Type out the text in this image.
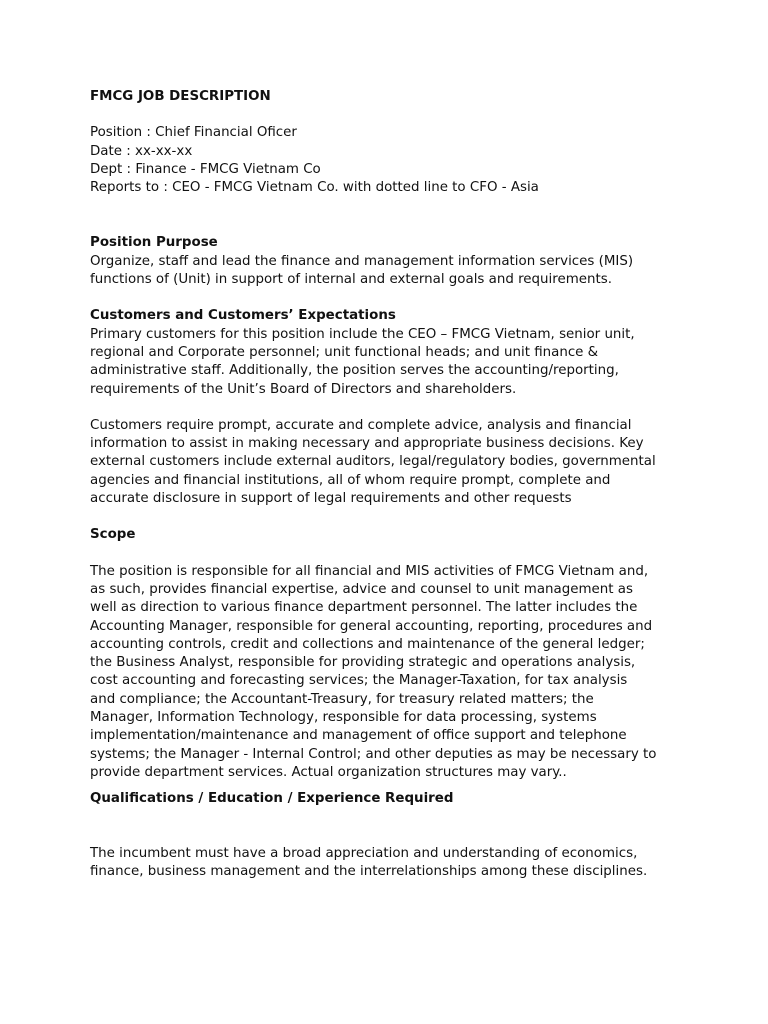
FMCG JOB DESCRIPTION
Position : Chief Financial Oficer
Date : xx-xx-xx
Dept : Finance - FMCG Vietnam Co
Reports to : CEO - FMCG Vietnam Co. with dotted line to CFO - Asia
Position Purpose
Organize, staff and lead the finance and management information services (MIS)
functions of (Unit) in support of internal and external goals and requirements.
Customers and Customers’ Expectations
Primary customers for this position include the CEO – FMCG Vietnam, senior unit,
regional and Corporate personnel; unit functional heads; and unit finance &
administrative staff. Additionally, the position serves the accounting/reporting,
requirements of the Unit’s Board of Directors and shareholders.
Customers require prompt, accurate and complete advice, analysis and financial
information to assist in making necessary and appropriate business decisions. Key
external customers include external auditors, legal/regulatory bodies, governmental
agencies and financial institutions, all of whom require prompt, complete and
accurate disclosure in support of legal requirements and other requests
Scope
The position is responsible for all financial and MIS activities of FMCG Vietnam and,
as such, provides financial expertise, advice and counsel to unit management as
well as direction to various finance department personnel. The latter includes the
Accounting Manager, responsible for general accounting, reporting, procedures and
accounting controls, credit and collections and maintenance of the general ledger;
the Business Analyst, responsible for providing strategic and operations analysis,
cost accounting and forecasting services; the Manager-Taxation, for tax analysis
and compliance; the Accountant-Treasury, for treasury related matters; the
Manager, Information Technology, responsible for data processing, systems
implementation/maintenance and management of office support and telephone
systems; the Manager - Internal Control; and other deputies as may be necessary to
provide department services. Actual organization structures may vary..
Qualifications / Education / Experience Required
The incumbent must have a broad appreciation and understanding of economics,
finance, business management and the interrelationships among these disciplines.
